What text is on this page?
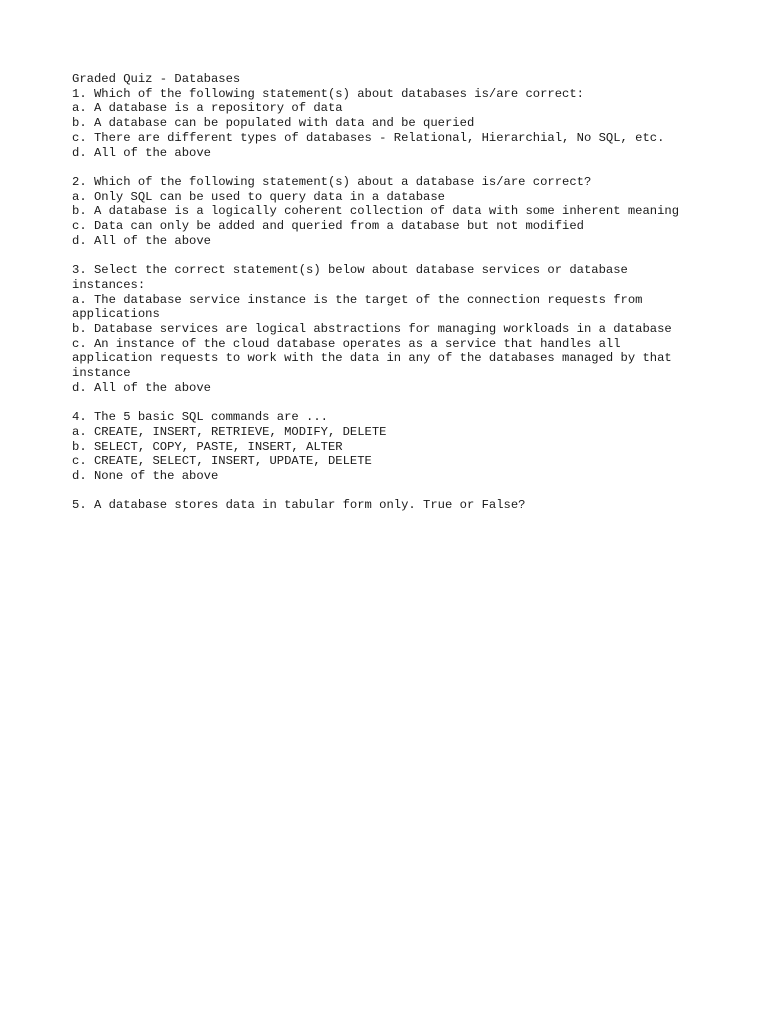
Graded Quiz - Databases
1. Which of the following statement(s) about databases is/are correct:
a. A database is a repository of data
b. A database can be populated with data and be queried
c. There are different types of databases - Relational, Hierarchial, No SQL, etc.
d. All of the above
2. Which of the following statement(s) about a database is/are correct?
a. Only SQL can be used to query data in a database
b. A database is a logically coherent collection of data with some inherent meaning
c. Data can only be added and queried from a database but not modified
d. All of the above
3. Select the correct statement(s) below about database services or database
instances:
a. The database service instance is the target of the connection requests from
applications
b. Database services are logical abstractions for managing workloads in a database
c. An instance of the cloud database operates as a service that handles all
application requests to work with the data in any of the databases managed by that
instance
d. All of the above
4. The 5 basic SQL commands are ...
a. CREATE, INSERT, RETRIEVE, MODIFY, DELETE
b. SELECT, COPY, PASTE, INSERT, ALTER
c. CREATE, SELECT, INSERT, UPDATE, DELETE
d. None of the above
5. A database stores data in tabular form only. True or False?
